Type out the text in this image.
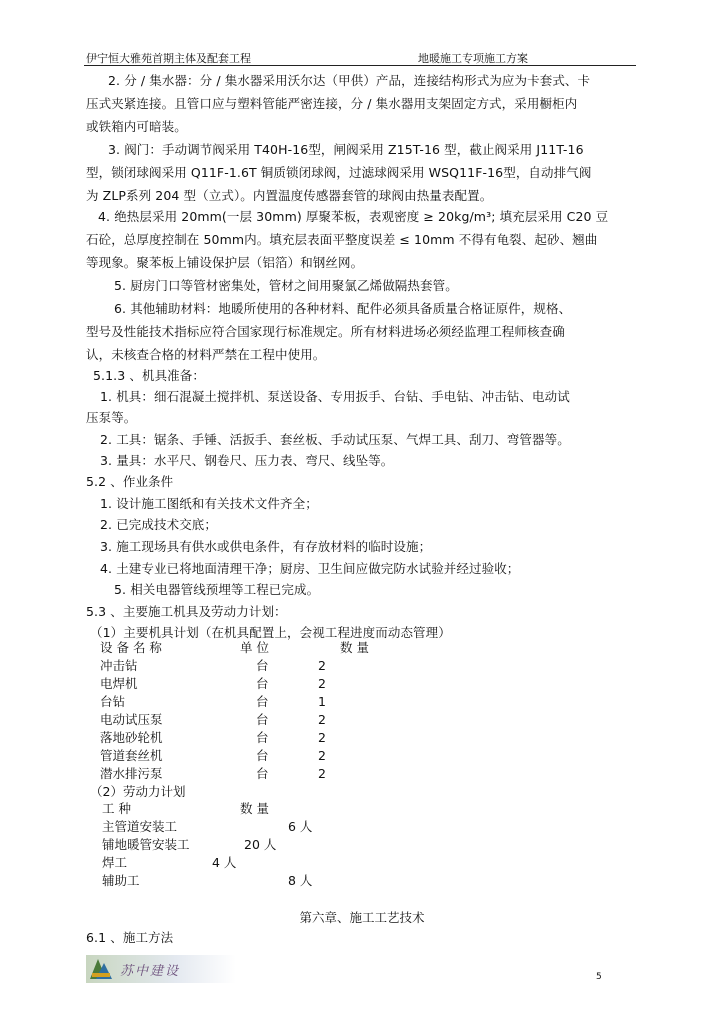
伊宁恒大雅苑首期主体及配套工程	地暖施工专项施工方案
2. 分 / 集水器：分 / 集水器采用沃尔达（甲供）产品，连接结构形式为应为卡套式、卡
压式夹紧连接。且管口应与塑料管能严密连接，分 / 集水器用支架固定方式，采用橱柜内
或铁箱内可暗装。
3. 阀门：手动调节阀采用 T40H-16型，闸阀采用 Z15T-16 型，截止阀采用 J11T-16
型，锁闭球阀采用 Q11F-1.6T 铜质锁闭球阀，过滤球阀采用 WSQ11F-16型，自动排气阀
为 ZLP系列 204 型（立式）。内置温度传感器套管的球阀由热量表配置。
4. 绝热层采用 20mm(一层 30mm) 厚聚苯板，表观密度 ≥ 20kg/m³; 填充层采用 C20 豆
石砼，总厚度控制在 50mm内。填充层表面平整度误差 ≤ 10mm 不得有龟裂、起砂、翘曲
等现象。聚苯板上铺设保护层（铝箔）和钢丝网。
5. 厨房门口等管材密集处，管材之间用聚氯乙烯做隔热套管。
6. 其他辅助材料：地暖所使用的各种材料、配件必须具备质量合格证原件，规格、
型号及性能技术指标应符合国家现行标准规定。所有材料进场必须经监理工程师核查确
认，未核查合格的材料严禁在工程中使用。
5.1.3 、机具准备：
1. 机具：细石混凝土搅拌机、泵送设备、专用扳手、台钻、手电钻、冲击钻、电动试
压泵等。
2. 工具：锯条、手锤、活扳手、套丝板、手动试压泵、气焊工具、刮刀、弯管器等。
3. 量具：水平尺、钢卷尺、压力表、弯尺、线坠等。
5.2 、作业条件
1. 设计施工图纸和有关技术文件齐全；
2. 已完成技术交底；
3. 施工现场具有供水或供电条件，有存放材料的临时设施；
4. 土建专业已将地面清理干净；厨房、卫生间应做完防水试验并经过验收；
5. 相关电器管线预埋等工程已完成。
5.3 、主要施工机具及劳动力计划：
（1）主要机具计划（在机具配置上，会视工程进度而动态管理）
设 备 名 称	单 位	数 量
冲击钻	台	2
电焊机	台	2
台钻	台	1
电动试压泵	台	2
落地砂轮机	台	2
管道套丝机	台	2
潜水排污泵	台	2
（2）劳动力计划
工 种	数 量
主管道安装工	6 人
铺地暖管安装工	20 人
焊工	4 人
辅助工	8 人
第六章、施工工艺技术
6.1 、施工方法
苏中建设	5
